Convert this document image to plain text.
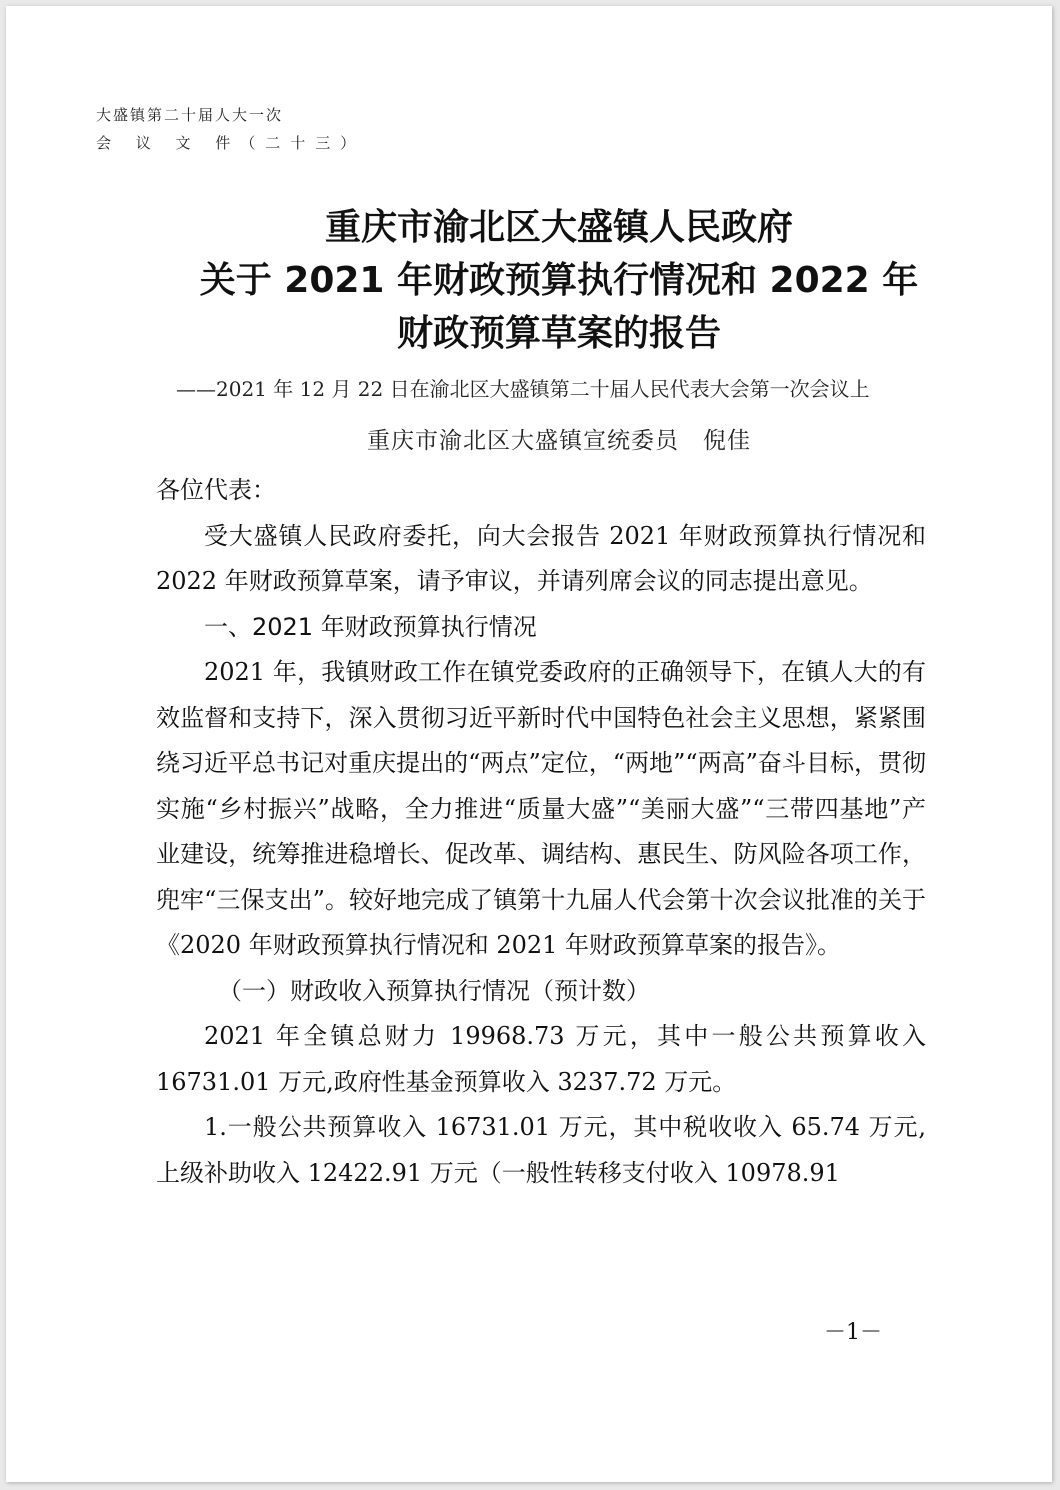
大盛镇第二十届人大一次
会 议 文 件（二十三）
重庆市渝北区大盛镇人民政府
关于 2021 年财政预算执行情况和 2022 年
财政预算草案的报告
——2021 年 12 月 22 日在渝北区大盛镇第二十届人民代表大会第一次会议上
重庆市渝北区大盛镇宣统委员　倪佳

各位代表：

受大盛镇人民政府委托，向大会报告 2021 年财政预算执行情况和 2022 年财政预算草案，请予审议，并请列席会议的同志提出意见。

一、2021 年财政预算执行情况

2021 年，我镇财政工作在镇党委政府的正确领导下，在镇人大的有效监督和支持下，深入贯彻习近平新时代中国特色社会主义思想，紧紧围绕习近平总书记对重庆提出的“两点”定位，“两地”“两高”奋斗目标，贯彻实施“乡村振兴”战略，全力推进“质量大盛”“美丽大盛”“三带四基地”产业建设，统筹推进稳增长、促改革、调结构、惠民生、防风险各项工作，兜牢“三保支出”。较好地完成了镇第十九届人代会第十次会议批准的关于《2020 年财政预算执行情况和 2021 年财政预算草案的报告》。

（一）财政收入预算执行情况（预计数）

2021 年全镇总财力 19968.73 万元，其中一般公共预算收入 16731.01 万元,政府性基金预算收入 3237.72 万元。

1.一般公共预算收入 16731.01 万元，其中税收收入 65.74 万元,上级补助收入 12422.91 万元（一般性转移支付收入 10978.91

－1－
